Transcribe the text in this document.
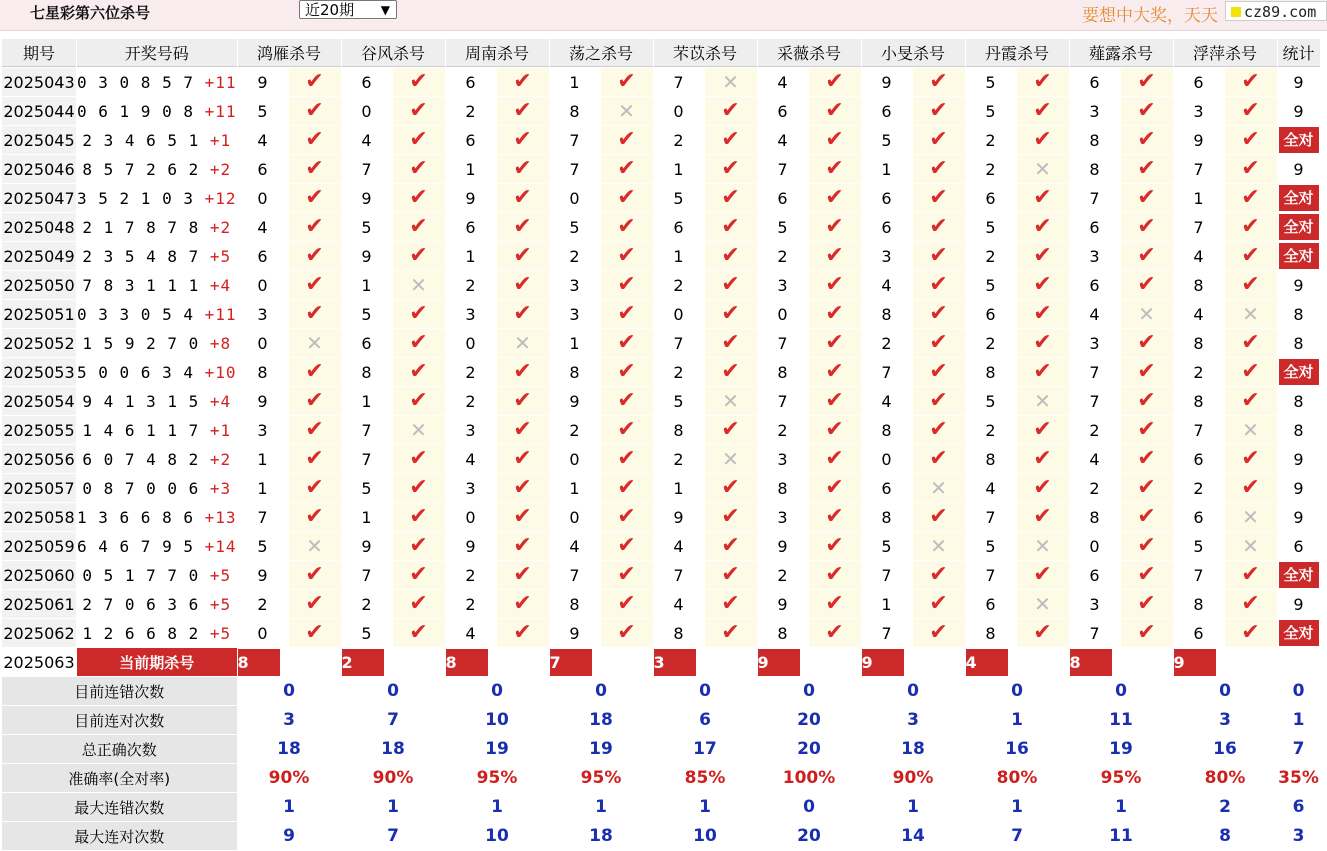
七星彩第六位杀号	近20期 ▼	要想中大奖，天天	cz89.com
期号	开奖号码	鸿雁杀号		谷风杀号		周南杀号		荡之杀号		芣苡杀号		采薇杀号		小旻杀号		丹霞杀号		薤露杀号		浮萍杀号		统计
2025043	0 3 0 8 5 7 +11	9	✔	6	✔	6	✔	1	✔	7	✕	4	✔	9	✔	5	✔	6	✔	6	✔	9
2025044	0 6 1 9 0 8 +11	5	✔	0	✔	2	✔	8	✕	0	✔	6	✔	6	✔	5	✔	3	✔	3	✔	9
2025045	2 3 4 6 5 1 +1	4	✔	4	✔	6	✔	7	✔	2	✔	4	✔	5	✔	2	✔	8	✔	9	✔	全对
2025046	8 5 7 2 6 2 +2	6	✔	7	✔	1	✔	7	✔	1	✔	7	✔	1	✔	2	✕	8	✔	7	✔	9
2025047	3 5 2 1 0 3 +12	0	✔	9	✔	9	✔	0	✔	5	✔	6	✔	6	✔	6	✔	7	✔	1	✔	全对
2025048	2 1 7 8 7 8 +2	4	✔	5	✔	6	✔	5	✔	6	✔	5	✔	6	✔	5	✔	6	✔	7	✔	全对
2025049	2 3 5 4 8 7 +5	6	✔	9	✔	1	✔	2	✔	1	✔	2	✔	3	✔	2	✔	3	✔	4	✔	全对
2025050	7 8 3 1 1 1 +4	0	✔	1	✕	2	✔	3	✔	2	✔	3	✔	4	✔	5	✔	6	✔	8	✔	9
2025051	0 3 3 0 5 4 +11	3	✔	5	✔	3	✔	3	✔	0	✔	0	✔	8	✔	6	✔	4	✕	4	✕	8
2025052	1 5 9 2 7 0 +8	0	✕	6	✔	0	✕	1	✔	7	✔	7	✔	2	✔	2	✔	3	✔	8	✔	8
2025053	5 0 0 6 3 4 +10	8	✔	8	✔	2	✔	8	✔	2	✔	8	✔	7	✔	8	✔	7	✔	2	✔	全对
2025054	9 4 1 3 1 5 +4	9	✔	1	✔	2	✔	9	✔	5	✕	7	✔	4	✔	5	✕	7	✔	8	✔	8
2025055	1 4 6 1 1 7 +1	3	✔	7	✕	3	✔	2	✔	8	✔	2	✔	8	✔	2	✔	2	✔	7	✕	8
2025056	6 0 7 4 8 2 +2	1	✔	7	✔	4	✔	0	✔	2	✕	3	✔	0	✔	8	✔	4	✔	6	✔	9
2025057	0 8 7 0 0 6 +3	1	✔	5	✔	3	✔	1	✔	1	✔	8	✔	6	✕	4	✔	2	✔	2	✔	9
2025058	1 3 6 6 8 6 +13	7	✔	1	✔	0	✔	0	✔	9	✔	3	✔	8	✔	7	✔	8	✔	6	✕	9
2025059	6 4 6 7 9 5 +14	5	✕	9	✔	9	✔	4	✔	4	✔	9	✔	5	✕	5	✕	0	✔	5	✕	6
2025060	0 5 1 7 7 0 +5	9	✔	7	✔	2	✔	7	✔	7	✔	2	✔	7	✔	7	✔	6	✔	7	✔	全对
2025061	2 7 0 6 3 6 +5	2	✔	2	✔	2	✔	8	✔	4	✔	9	✔	1	✔	6	✕	3	✔	8	✔	9
2025062	1 2 6 6 8 2 +5	0	✔	5	✔	4	✔	9	✔	8	✔	8	✔	7	✔	8	✔	7	✔	6	✔	全对
2025063	当前期杀号	8		2		8		7		3		9		9		4		8		9		
目前连错次数		0		0		0		0		0		0		0		0		0		0		0
目前连对次数		3		7		10		18		6		20		3		1		11		3		1
总正确次数		18		18		19		19		17		20		18		16		19		16		7
准确率(全对率)		90%		90%		95%		95%		85%		100%		90%		80%		95%		80%		35%
最大连错次数		1		1		1		1		1		0		1		1		1		2		6
最大连对次数		9		7		10		18		10		20		14		7		11		8		3
